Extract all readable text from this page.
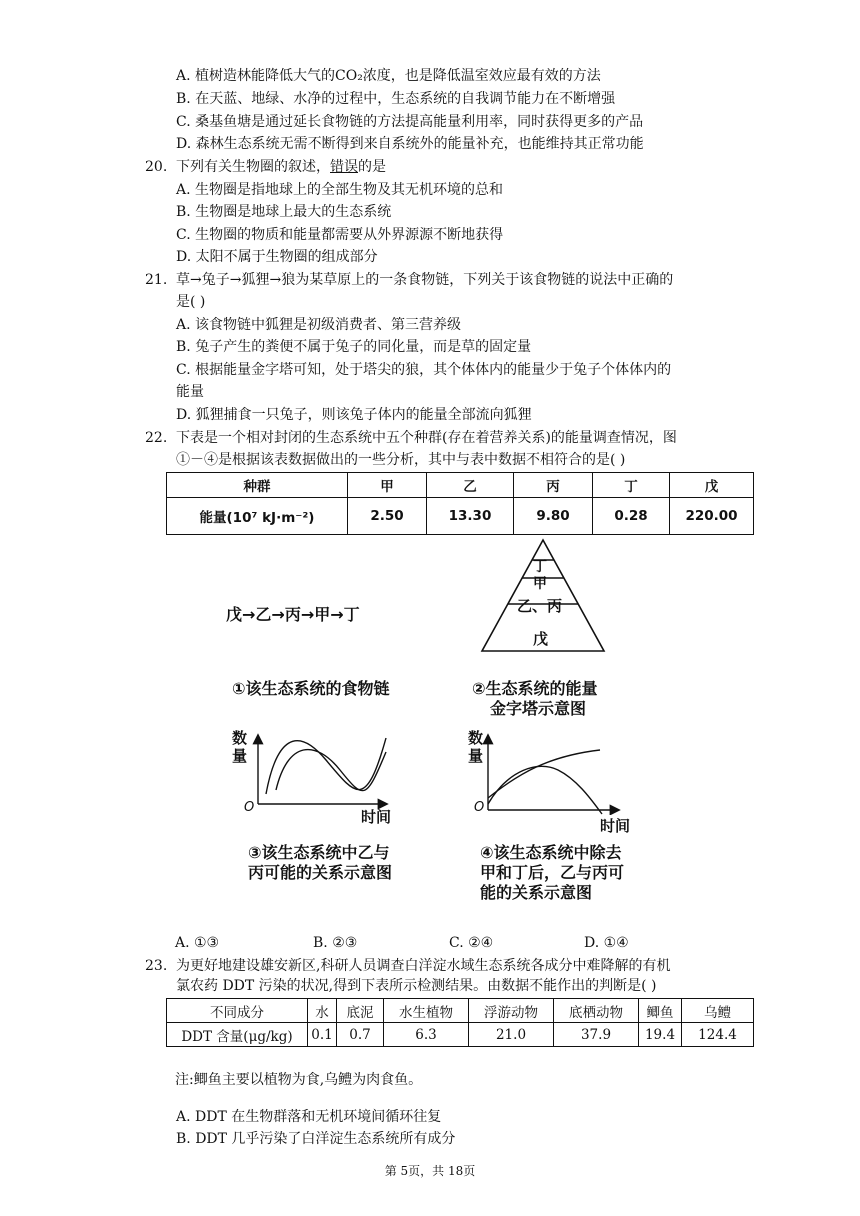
A. 植树造林能降低大气的CO₂浓度，也是降低温室效应最有效的方法
B. 在天蓝、地绿、水净的过程中，生态系统的自我调节能力在不断增强
C. 桑基鱼塘是通过延长食物链的方法提高能量利用率，同时获得更多的产品
D. 森林生态系统无需不断得到来自系统外的能量补充，也能维持其正常功能
20. 下列有关生物圈的叙述，错误的是
A. 生物圈是指地球上的全部生物及其无机环境的总和
B. 生物圈是地球上最大的生态系统
C. 生物圈的物质和能量都需要从外界源源不断地获得
D. 太阳不属于生物圈的组成部分
21. 草→兔子→狐狸→狼为某草原上的一条食物链，下列关于该食物链的说法中正确的
是( )
A. 该食物链中狐狸是初级消费者、第三营养级
B. 兔子产生的粪便不属于兔子的同化量，而是草的固定量
C. 根据能量金字塔可知，处于塔尖的狼，其个体体内的能量少于兔子个体体内的
能量
D. 狐狸捕食一只兔子，则该兔子体内的能量全部流向狐狸
22. 下表是一个相对封闭的生态系统中五个种群(存在着营养关系)的能量调查情况，图
①－④是根据该表数据做出的一些分析，其中与表中数据不相符合的是( )
种群	甲	乙	丙	丁	戊
能量(10⁷ kJ·m⁻²)	2.50	13.30	9.80	0.28	220.00
戊→乙→丙→甲→丁
①该生态系统的食物链
丁
甲
乙、丙
戊
②生态系统的能量
金字塔示意图
数
量
O
时间
③该生态系统中乙与
丙可能的关系示意图
数
量
O
时间
④该生态系统中除去
甲和丁后，乙与丙可
能的关系示意图
A. ①③	B. ②③	C. ②④	D. ①④
23. 为更好地建设雄安新区,科研人员调查白洋淀水域生态系统各成分中难降解的有机
氯农药 DDT 污染的状况,得到下表所示检测结果。由数据不能作出的判断是( )
不同成分	水	底泥	水生植物	浮游动物	底栖动物	鲫鱼	乌鳢
DDT 含量(μg/kg)	0.1	0.7	6.3	21.0	37.9	19.4	124.4
注:鲫鱼主要以植物为食,乌鳢为肉食鱼。
A. DDT 在生物群落和无机环境间循环往复
B. DDT 几乎污染了白洋淀生态系统所有成分
第 5页，共 18页
